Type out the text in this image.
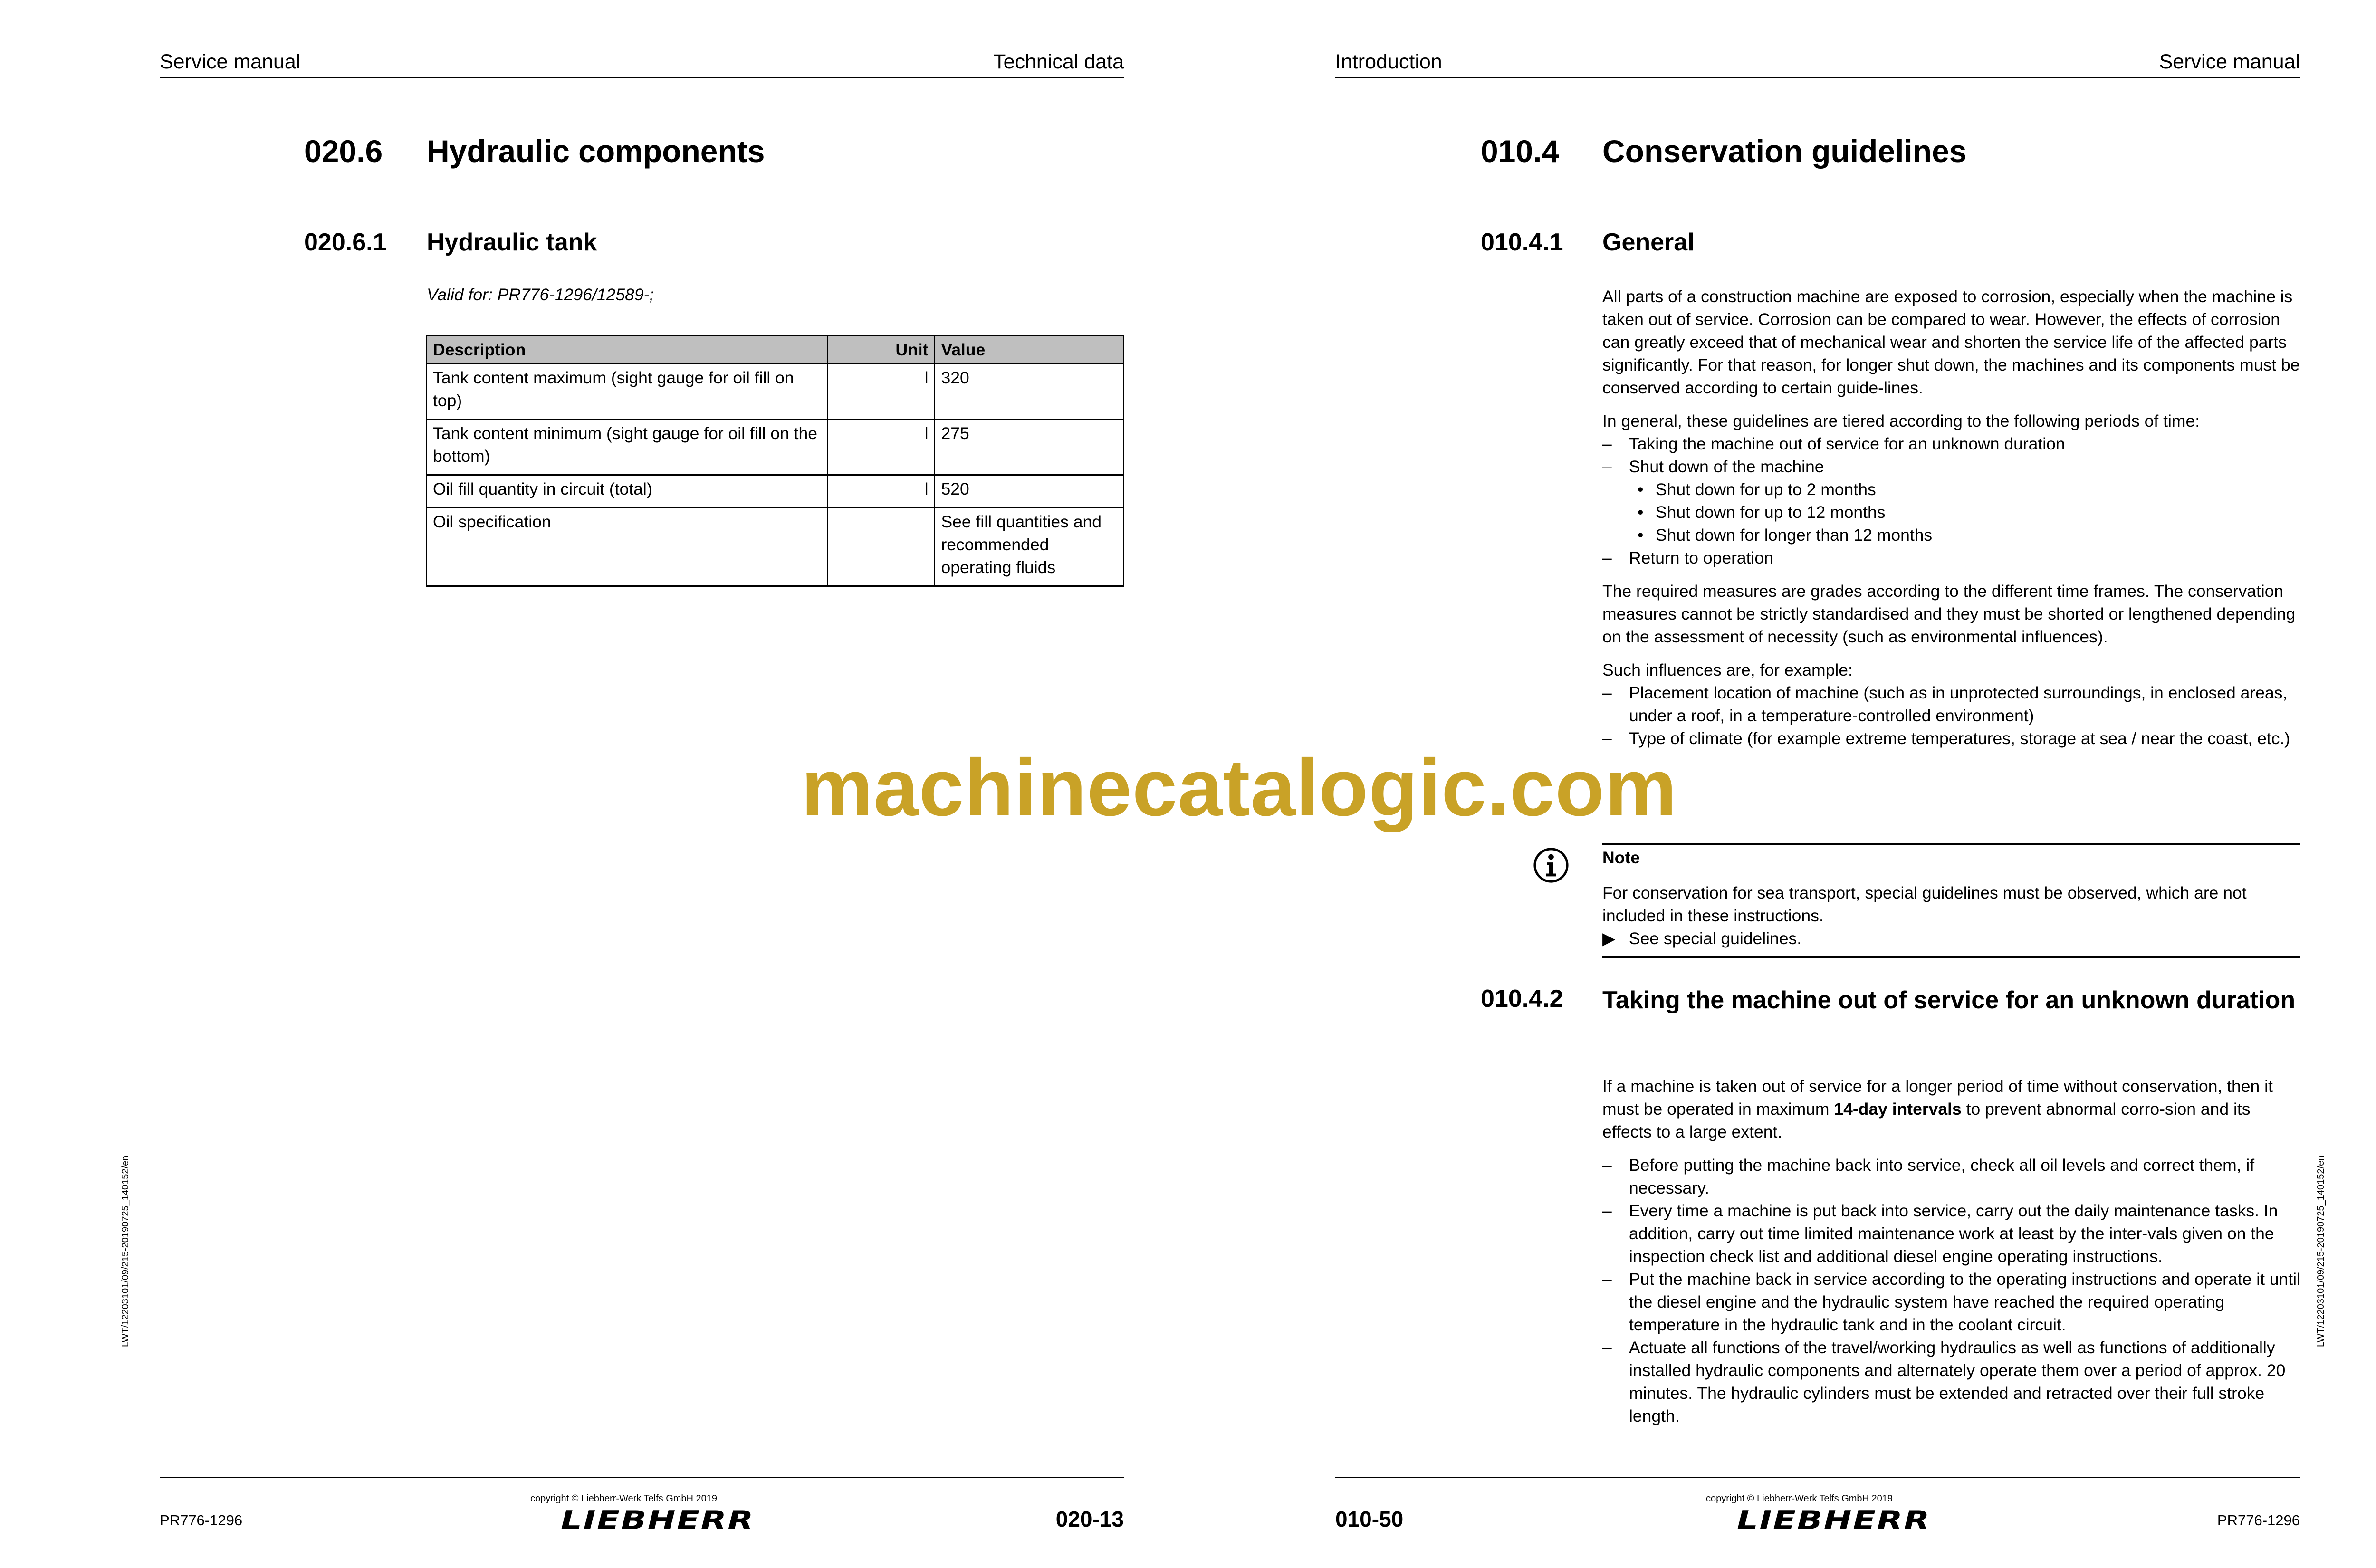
Service manual	Technical data
020.6 Hydraulic components
020.6.1 Hydraulic tank
Valid for: PR776-1296/12589-;
Description	Unit	Value
Tank content maximum (sight gauge for oil fill on top)	l	320
Tank content minimum (sight gauge for oil fill on the bottom)	l	275
Oil fill quantity in circuit (total)	l	520
Oil specification		See fill quantities and recommended operating fluids
LWT/12203101/09/215-20190725_140152/en
copyright © Liebherr-Werk Telfs GmbH 2019
LIEBHERR
PR776-1296	020-13
Introduction	Service manual
010.4 Conservation guidelines
010.4.1 General

All parts of a construction machine are exposed to corrosion, especially when the machine is taken out of service. Corrosion can be compared to wear. However, the effects of corrosion can greatly exceed that of mechanical wear and shorten the service life of the affected parts significantly. For that reason, for longer shut down, the machines and its components must be conserved according to certain guide-lines.

In general, these guidelines are tiered according to the following periods of time:

– Taking the machine out of service for an unknown duration
– Shut down of the machine
• Shut down for up to 2 months
• Shut down for up to 12 months
• Shut down for longer than 12 months
– Return to operation

The required measures are grades according to the different time frames. The conservation measures cannot be strictly standardised and they must be shorted or lengthened depending on the assessment of necessity (such as environmental influences).

Such influences are, for example:

– Placement location of machine (such as in unprotected surroundings, in enclosed areas, under a roof, in a temperature-controlled environment)
– Type of climate (for example extreme temperatures, storage at sea / near the coast, etc.)
Note
For conservation for sea transport, special guidelines must be observed, which are not included in these instructions.
▶ See special guidelines.
010.4.2 Taking the machine out of service for an unknown duration

If a machine is taken out of service for a longer period of time without conservation, then it must be operated in maximum 14-day intervals to prevent abnormal corro-sion and its effects to a large extent.

– Before putting the machine back into service, check all oil levels and correct them, if necessary.
– Every time a machine is put back into service, carry out the daily maintenance tasks. In addition, carry out time limited maintenance work at least by the inter-vals given on the inspection check list and additional diesel engine operating instructions.
– Put the machine back in service according to the operating instructions and operate it until the diesel engine and the hydraulic system have reached the required operating temperature in the hydraulic tank and in the coolant circuit.
– Actuate all functions of the travel/working hydraulics as well as functions of additionally installed hydraulic components and alternately operate them over a period of approx. 20 minutes. The hydraulic cylinders must be extended and retracted over their full stroke length.
LWT/12203101/09/215-20190725_140152/en
copyright © Liebherr-Werk Telfs GmbH 2019
LIEBHERR
010-50	PR776-1296
machinecatalogic.com
